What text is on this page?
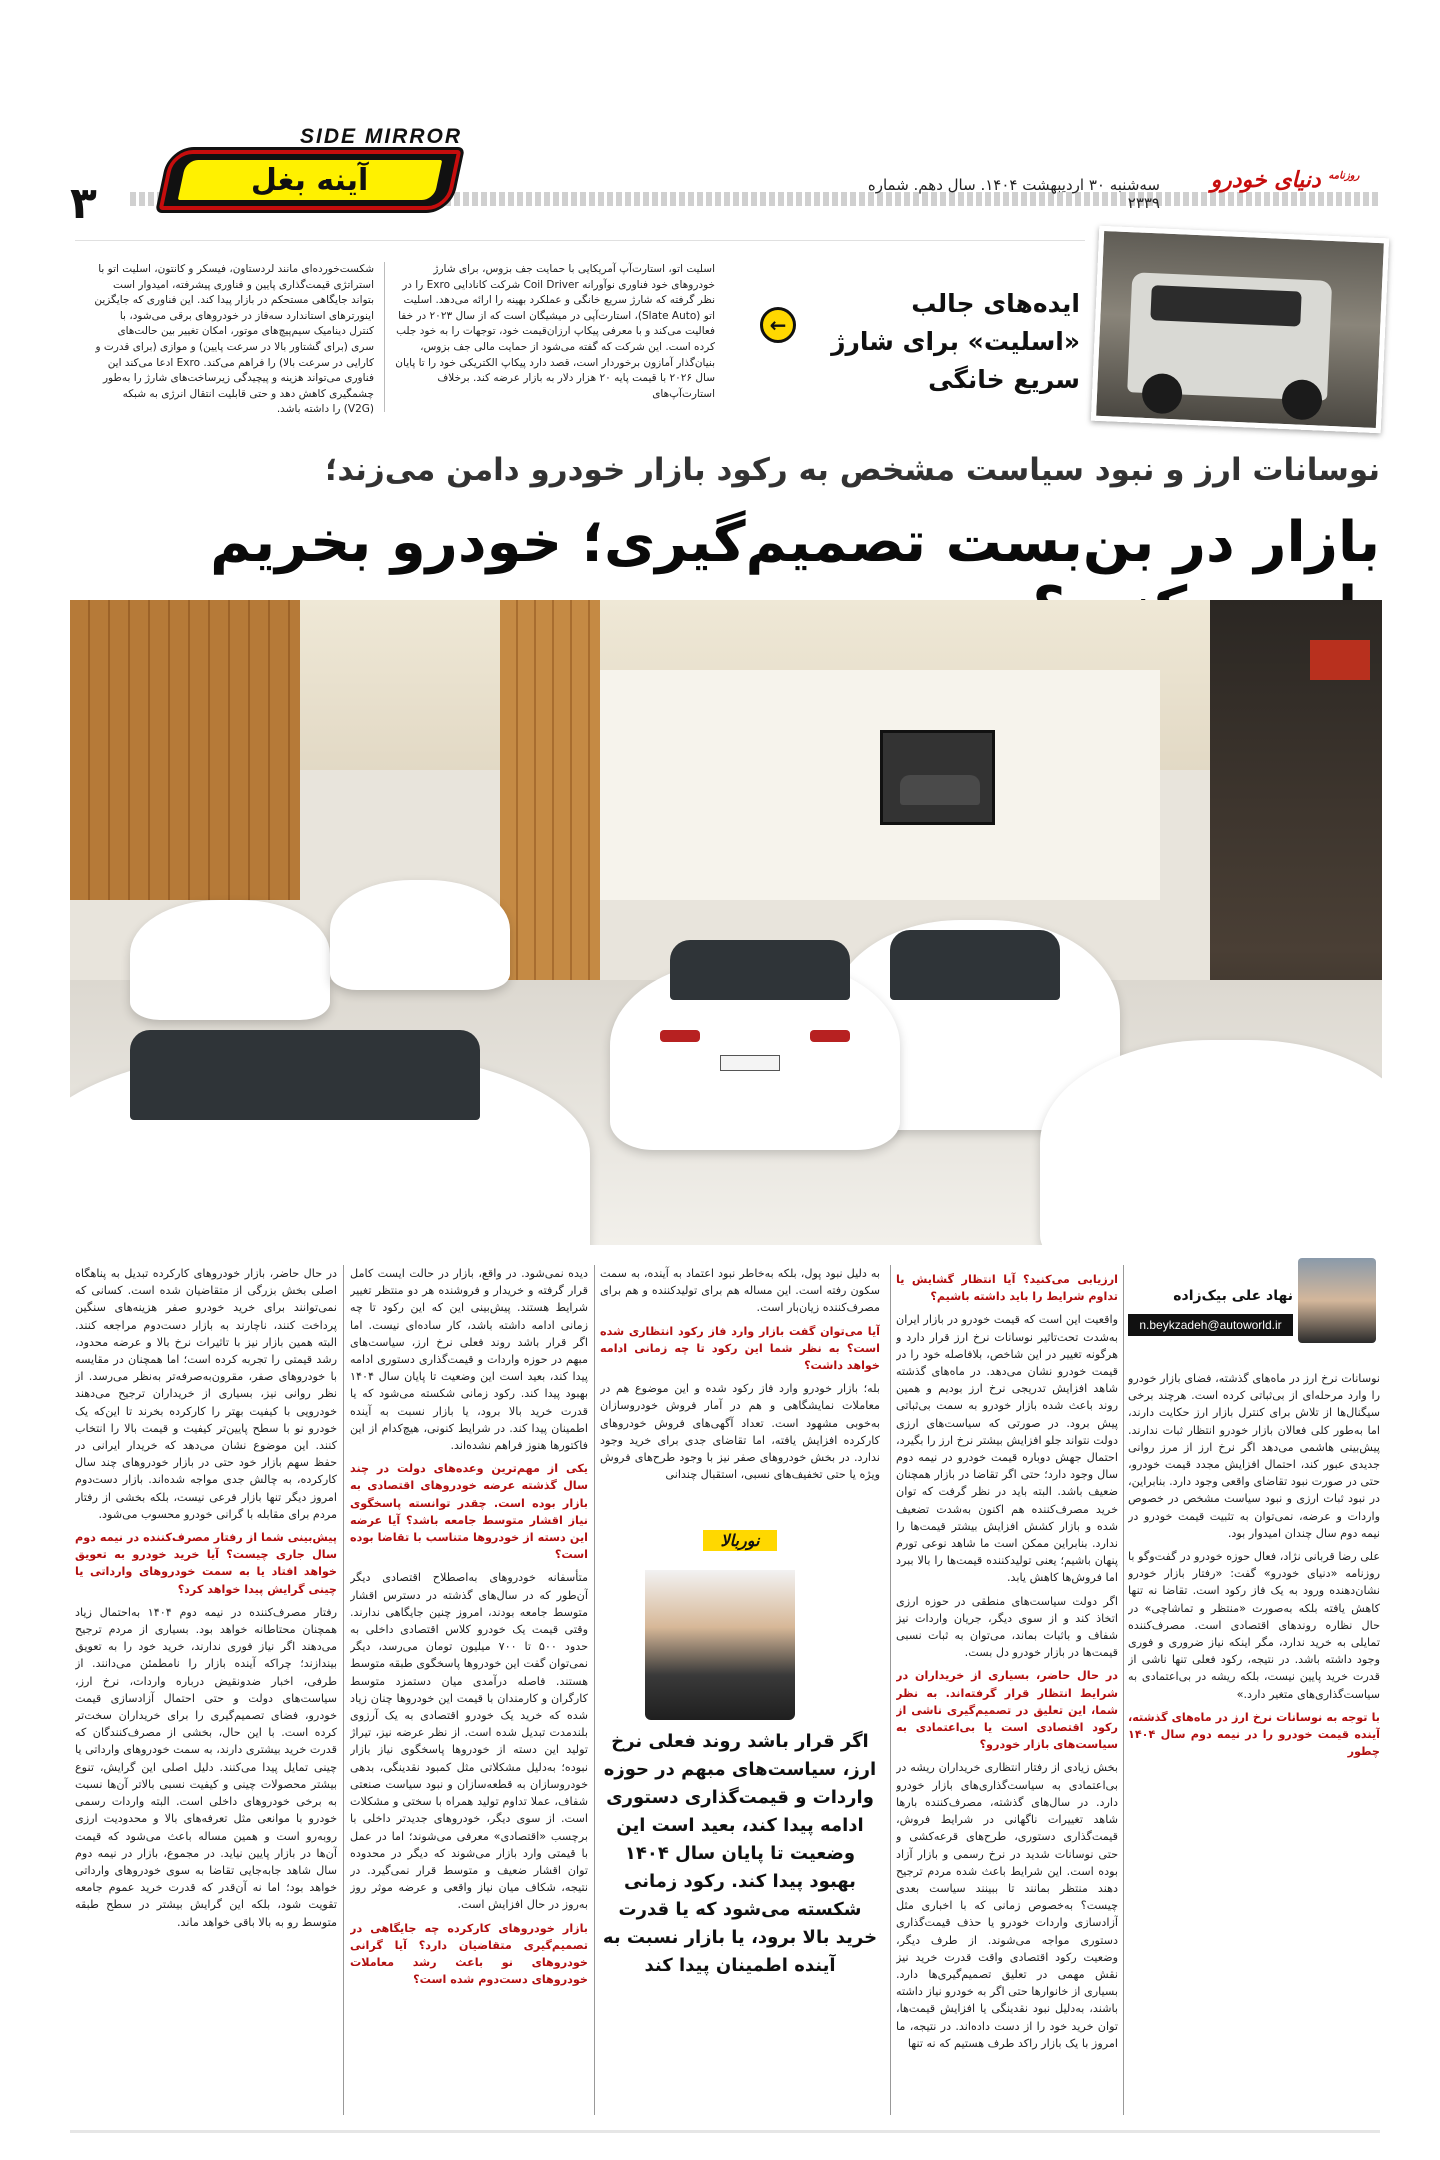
SIDE MIRROR
۳	آینه بغل	سه‌شنبه ۳۰ اردیبهشت ۱۴۰۴. سال دهم. شماره ۲۳۳۹
$^{روزنامه}$ دنیای خودرو
شکست‌خورده‌ای مانند لردستاون، فیسکر و کانتون، اسلیت اتو با استراتژی قیمت‌گذاری پایین و فناوری پیشرفته، امیدوار است بتواند جایگاهی مستحکم در بازار پیدا کند. این فناوری که جایگزین اینورترهای استاندارد سه‌فاز در خودروهای برقی می‌شود، با کنترل دینامیک سیم‌پیچ‌های موتور، امکان تغییر بین حالت‌های سری (برای گشتاور بالا در سرعت پایین) و موازی (برای قدرت و کارایی در سرعت بالا) را فراهم می‌کند. Exro ادعا می‌کند این فناوری می‌تواند هزینه و پیچیدگی زیرساخت‌های شارژ را به‌طور چشمگیری کاهش دهد و حتی قابلیت انتقال انرژی به شبکه (V2G) را داشته باشد.
اسلیت اتو، استارت‌آپ آمریکایی با حمایت جف بزوس، برای شارژ خودروهای خود فناوری نوآورانه Coil Driver شرکت کانادایی Exro را در نظر گرفته که شارژ سریع خانگی و عملکرد بهینه را ارائه می‌دهد. اسلیت اتو (Slate Auto)، استارت‌آپی در میشیگان است که از سال ۲۰۲۳ در خفا فعالیت می‌کند و با معرفی پیکاپ ارزان‌قیمت خود، توجهات را به خود جلب کرده است. این شرکت که گفته می‌شود از حمایت مالی جف بزوس، بنیان‌گذار آمازون برخوردار است، قصد دارد پیکاپ الکتریکی خود را تا پایان سال ۲۰۲۶ با قیمت پایه ۲۰ هزار دلار به بازار عرضه کند. برخلاف استارت‌آپ‌های
←
ایده‌های جالب «اسلیت» برای شارژ سریع خانگی
نوسانات ارز و نبود سیاست مشخص به رکود بازار خودرو دامن می‌زند؛
بازار در بن‌بست تصمیم‌گیری؛ خودرو بخریم
نهاد علی بیک‌زاده
n.beykzadeh@autoworld.ir

نوسانات نرخ ارز در ماه‌های گذشته، فضای بازار خودرو را وارد مرحله‌ای از بی‌ثباتی کرده است. هرچند برخی سیگنال‌ها از تلاش برای کنترل بازار ارز حکایت دارند، اما به‌طور کلی فعالان بازار خودرو انتظار ثبات ندارند. پیش‌بینی هاشمی می‌دهد اگر نرخ ارز از مرز روانی جدیدی عبور کند، احتمال افزایش مجدد قیمت خودرو، حتی در صورت نبود تقاضای واقعی وجود دارد. بنابراین، در نبود ثبات ارزی و نبود سیاست مشخص در خصوص واردات و عرضه، نمی‌توان به تثبیت قیمت خودرو در نیمه دوم سال چندان امیدوار بود.

علی رضا قربانی نژاد، فعال حوزه خودرو در گفت‌وگو با روزنامه «دنیای خودرو» گفت: «رفتار بازار خودرو نشان‌دهنده ورود به یک فاز رکود است. تقاضا نه تنها کاهش یافته بلکه به‌صورت «منتظر و تماشاچی» در حال نظاره روندهای اقتصادی است. مصرف‌کننده تمایلی به خرید ندارد، مگر اینکه نیاز ضروری و فوری وجود داشته باشد. در نتیجه، رکود فعلی تنها ناشی از قدرت خرید پایین نیست، بلکه ریشه در بی‌اعتمادی به سیاست‌گذاری‌های متغیر دارد.»

با توجه به نوسانات نرخ ارز در ماه‌های گذشته، آینده قیمت خودرو را در نیمه دوم سال ۱۴۰۴ چطور

ارزیابی می‌کنید؟ آیا انتظار گشایش یا تداوم شرایط را باید داشته باشیم؟

واقعیت این است که قیمت خودرو در بازار ایران به‌شدت تحت‌تاثیر نوسانات نرخ ارز قرار دارد و هرگونه تغییر در این شاخص، بلافاصله خود را در قیمت خودرو نشان می‌دهد. در ماه‌های گذشته شاهد افزایش تدریجی نرخ ارز بودیم و همین روند باعث شده بازار خودرو به سمت بی‌ثباتی پیش برود. در صورتی که سیاست‌های ارزی دولت نتواند جلو افزایش بیشتر نرخ ارز را بگیرد، احتمال جهش دوباره قیمت خودرو در نیمه دوم سال وجود دارد؛ حتی اگر تقاضا در بازار همچنان ضعیف باشد. البته باید در نظر گرفت که توان خرید مصرف‌کننده هم اکنون به‌شدت تضعیف شده و بازار کشش افزایش بیشتر قیمت‌ها را ندارد. بنابراین ممکن است ما شاهد نوعی تورم پنهان باشیم؛ یعنی تولیدکننده قیمت‌ها را بالا ببرد اما فروش‌ها کاهش یابد.

اگر دولت سیاست‌های منطقی در حوزه ارزی اتخاذ کند و از سوی دیگر، جریان واردات نیز شفاف و باثبات بماند، می‌توان به ثبات نسبی قیمت‌ها در بازار خودرو دل بست.

در حال حاضر، بسیاری از خریداران در شرایط انتظار قرار گرفته‌اند. به نظر شما، این تعلیق در تصمیم‌گیری ناشی از رکود اقتصادی است یا بی‌اعتمادی به سیاست‌های بازار خودرو؟

بخش زیادی از رفتار انتظاری خریداران ریشه در بی‌اعتمادی به سیاست‌گذاری‌های بازار خودرو دارد. در سال‌های گذشته، مصرف‌کننده بارها شاهد تغییرات ناگهانی در شرایط فروش، قیمت‌گذاری دستوری، طرح‌های قرعه‌کشی و حتی نوسانات شدید در نرخ رسمی و بازار آزاد بوده است. این شرایط باعث شده مردم ترجیح دهند منتظر بمانند تا ببینند سیاست بعدی چیست؟ به‌خصوص زمانی که با اخباری مثل آزادسازی واردات خودرو یا حذف قیمت‌گذاری دستوری مواجه می‌شوند. از طرف دیگر، وضعیت رکود اقتصادی واقت قدرت خرید نیز نقش مهمی در تعلیق تصمیم‌گیری‌ها دارد. بسیاری از خانوارها حتی اگر به خودرو نیاز داشته باشند، به‌دلیل نبود نقدینگی یا افزایش قیمت‌ها، توان خرید خود را از دست داده‌اند. در نتیجه، ما امروز با یک بازار راکد طرف هستیم که نه تنها

به دلیل نبود پول، بلکه به‌خاطر نبود اعتماد به آینده، به سمت سکون رفته است. این مساله هم برای تولیدکننده و هم برای مصرف‌کننده زیان‌بار است.

آیا می‌توان گفت بازار وارد فاز رکود انتظاری شده است؟ به نظر شما این رکود تا چه زمانی ادامه خواهد داشت؟

بله؛ بازار خودرو وارد فاز رکود شده و این موضوع هم در معاملات نمایشگاهی و هم در آمار فروش خودروسازان به‌خوبی مشهود است. تعداد آگهی‌های فروش خودروهای کارکرده افزایش یافته، اما تقاضای جدی برای خرید وجود ندارد. در بخش خودروهای صفر نیز با وجود طرح‌های فروش ویژه یا حتی تخفیف‌های نسبی، استقبال چندانی

نوربالا
اگر قرار باشد روند فعلی نرخ ارز، سیاست‌های مبهم در حوزه واردات و قیمت‌گذاری دستوری ادامه پیدا کند، بعید است این وضعیت تا پایان سال ۱۴۰۴ بهبود پیدا کند. رکود زمانی شکسته می‌شود که یا قدرت خرید بالا برود، یا بازار نسبت به آینده اطمینان پیدا کند

دیده نمی‌شود. در واقع، بازار در حالت ایست کامل قرار گرفته و خریدار و فروشنده هر دو منتظر تغییر شرایط هستند. پیش‌بینی این که این رکود تا چه زمانی ادامه داشته باشد، کار ساده‌ای نیست. اما اگر قرار باشد روند فعلی نرخ ارز، سیاست‌های مبهم در حوزه واردات و قیمت‌گذاری دستوری ادامه پیدا کند، بعید است این وضعیت تا پایان سال ۱۴۰۴ بهبود پیدا کند. رکود زمانی شکسته می‌شود که یا قدرت خرید بالا برود، یا بازار نسبت به آینده اطمینان پیدا کند. در شرایط کنونی، هیچ‌کدام از این فاکتورها هنوز فراهم نشده‌اند.

یکی از مهم‌ترین وعده‌های دولت در چند سال گذشته عرضه خودروهای اقتصادی به بازار بوده است. چقدر توانسته پاسخگوی نیاز اقشار متوسط جامعه باشد؟ آیا عرضه این دسته از خودروها متناسب با تقاضا بوده است؟

متأسفانه خودروهای به‌اصطلاح اقتصادی دیگر آن‌طور که در سال‌های گذشته در دسترس اقشار متوسط جامعه بودند، امروز چنین جایگاهی ندارند. وقتی قیمت یک خودرو کلاس اقتصادی داخلی به حدود ۵۰۰ تا ۷۰۰ میلیون تومان می‌رسد، دیگر نمی‌توان گفت این خودروها پاسخگوی طبقه متوسط هستند. فاصله درآمدی میان دستمزد متوسط کارگران و کارمندان با قیمت این خودروها چنان زیاد شده که خرید یک خودرو اقتصادی به یک آرزوی بلندمدت تبدیل شده است. از نظر عرضه نیز، تیراژ تولید این دسته از خودروها پاسخگوی نیاز بازار نبوده؛ به‌دلیل مشکلاتی مثل کمبود نقدینگی، بدهی خودروسازان به قطعه‌سازان و نبود سیاست صنعتی شفاف، عملا تداوم تولید همراه با سختی و مشکلات است. از سوی دیگر، خودروهای جدیدتر داخلی با برچسب «اقتصادی» معرفی می‌شوند؛ اما در عمل با قیمتی وارد بازار می‌شوند که دیگر در محدوده توان اقشار ضعیف و متوسط قرار نمی‌گیرد. در نتیجه، شکاف میان نیاز واقعی و عرضه موثر روز به‌روز در حال افزایش است.

بازار خودروهای کارکرده چه جایگاهی در تصمیم‌گیری متقاضیان دارد؟ آیا گرانی خودروهای نو باعث رشد معاملات خودروهای دست‌دوم شده است؟

در حال حاضر، بازار خودروهای کارکرده تبدیل به پناهگاه اصلی بخش بزرگی از متقاضیان شده است. کسانی که نمی‌توانند برای خرید خودرو صفر هزینه‌های سنگین پرداخت کنند، ناچارند به بازار دست‌دوم مراجعه کنند. البته همین بازار نیز با تاثیرات نرخ بالا و عرضه محدود، رشد قیمتی را تجربه کرده است؛ اما همچنان در مقایسه با خودروهای صفر، مقرون‌به‌صرفه‌تر به‌نظر می‌رسد. از نظر روانی نیز، بسیاری از خریداران ترجیح می‌دهند خودرویی با کیفیت بهتر را کارکرده بخرند تا این‌که یک خودرو نو با سطح پایین‌تر کیفیت و قیمت بالا را انتخاب کنند. این موضوع نشان می‌دهد که خریدار ایرانی در حفظ سهم بازار خود حتی در بازار خودروهای چند سال کارکرده، به چالش جدی مواجه شده‌اند. بازار دست‌دوم امروز دیگر تنها بازار فرعی نیست، بلکه بخشی از رفتار مردم برای مقابله با گرانی خودرو محسوب می‌شود.

پیش‌بینی شما از رفتار مصرف‌کننده در نیمه دوم سال جاری چیست؟ آیا خرید خودرو به تعویق خواهد افتاد یا به سمت خودروهای وارداتی یا چینی گرایش پیدا خواهد کرد؟

رفتار مصرف‌کننده در نیمه دوم ۱۴۰۴ به‌احتمال زیاد همچنان محتاطانه خواهد بود. بسیاری از مردم ترجیح می‌دهند اگر نیاز فوری ندارند، خرید خود را به تعویق بیندازند؛ چراکه آینده بازار را نامطمئن می‌دانند. از طرفی، اخبار ضدونقیض درباره واردات، نرخ ارز، سیاست‌های دولت و حتی احتمال آزادسازی قیمت خودرو، فضای تصمیم‌گیری را برای خریداران سخت‌تر کرده است. با این حال، بخشی از مصرف‌کنندگان که قدرت خرید بیشتری دارند، به سمت خودروهای وارداتی یا چینی تمایل پیدا می‌کنند. دلیل اصلی این گرایش، تنوع بیشتر محصولات چینی و کیفیت نسبی بالاتر آن‌ها نسبت به برخی خودروهای داخلی است. البته واردات رسمی خودرو با موانعی مثل تعرفه‌های بالا و محدودیت ارزی روبه‌رو است و همین مساله باعث می‌شود که قیمت آن‌ها در بازار پایین نیاید. در مجموع، بازار در نیمه دوم سال شاهد جابه‌جایی تقاضا به سوی خودروهای وارداتی خواهد بود؛ اما نه آن‌قدر که قدرت خرید عموم جامعه تقویت شود، بلکه این گرایش بیشتر در سطح طبقه متوسط رو به بالا باقی خواهد ماند.
